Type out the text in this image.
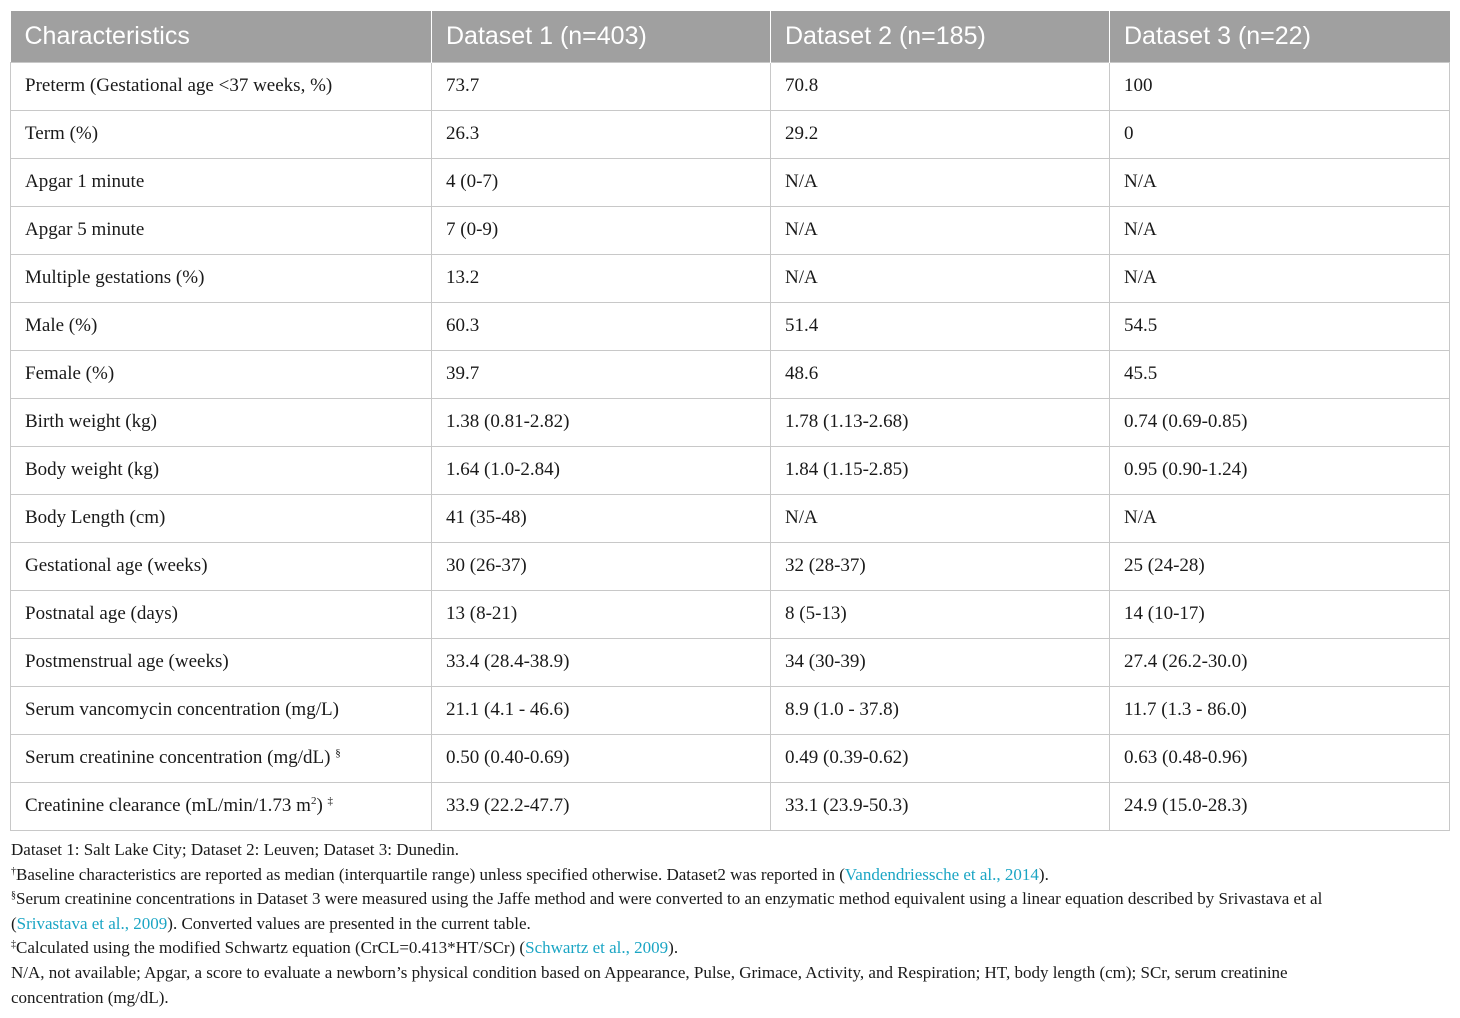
Characteristics	Dataset 1 (n=403)	Dataset 2 (n=185)	Dataset 3 (n=22)
Preterm (Gestational age <37 weeks, %)	73.7	70.8	100
Term (%)	26.3	29.2	0
Apgar 1 minute	4 (0-7)	N/A	N/A
Apgar 5 minute	7 (0-9)	N/A	N/A
Multiple gestations (%)	13.2	N/A	N/A
Male (%)	60.3	51.4	54.5
Female (%)	39.7	48.6	45.5
Birth weight (kg)	1.38 (0.81-2.82)	1.78 (1.13-2.68)	0.74 (0.69-0.85)
Body weight (kg)	1.64 (1.0-2.84)	1.84 (1.15-2.85)	0.95 (0.90-1.24)
Body Length (cm)	41 (35-48)	N/A	N/A
Gestational age (weeks)	30 (26-37)	32 (28-37)	25 (24-28)
Postnatal age (days)	13 (8-21)	8 (5-13)	14 (10-17)
Postmenstrual age (weeks)	33.4 (28.4-38.9)	34 (30-39)	27.4 (26.2-30.0)
Serum vancomycin concentration (mg/L)	21.1 (4.1 - 46.6)	8.9 (1.0 - 37.8)	11.7 (1.3 - 86.0)
Serum creatinine concentration (mg/dL) §	0.50 (0.40-0.69)	0.49 (0.39-0.62)	0.63 (0.48-0.96)
Creatinine clearance (mL/min/1.73 $m^2$) ‡	33.9 (22.2-47.7)	33.1 (23.9-50.3)	24.9 (15.0-28.3)

Dataset 1: Salt Lake City; Dataset 2: Leuven; Dataset 3: Dunedin.

†Baseline characteristics are reported as median (interquartile range) unless specified otherwise. Dataset2 was reported in (Vandendriessche et al., 2014).

§Serum creatinine concentrations in Dataset 3 were measured using the Jaffe method and were converted to an enzymatic method equivalent using a linear equation described by Srivastava et al
(Srivastava et al., 2009). Converted values are presented in the current table.

‡Calculated using the modified Schwartz equation (CrCL=0.413*HT/SCr) (Schwartz et al., 2009).

N/A, not available; Apgar, a score to evaluate a newborn’s physical condition based on Appearance, Pulse, Grimace, Activity, and Respiration; HT, body length (cm); SCr, serum creatinine
concentration (mg/dL).
